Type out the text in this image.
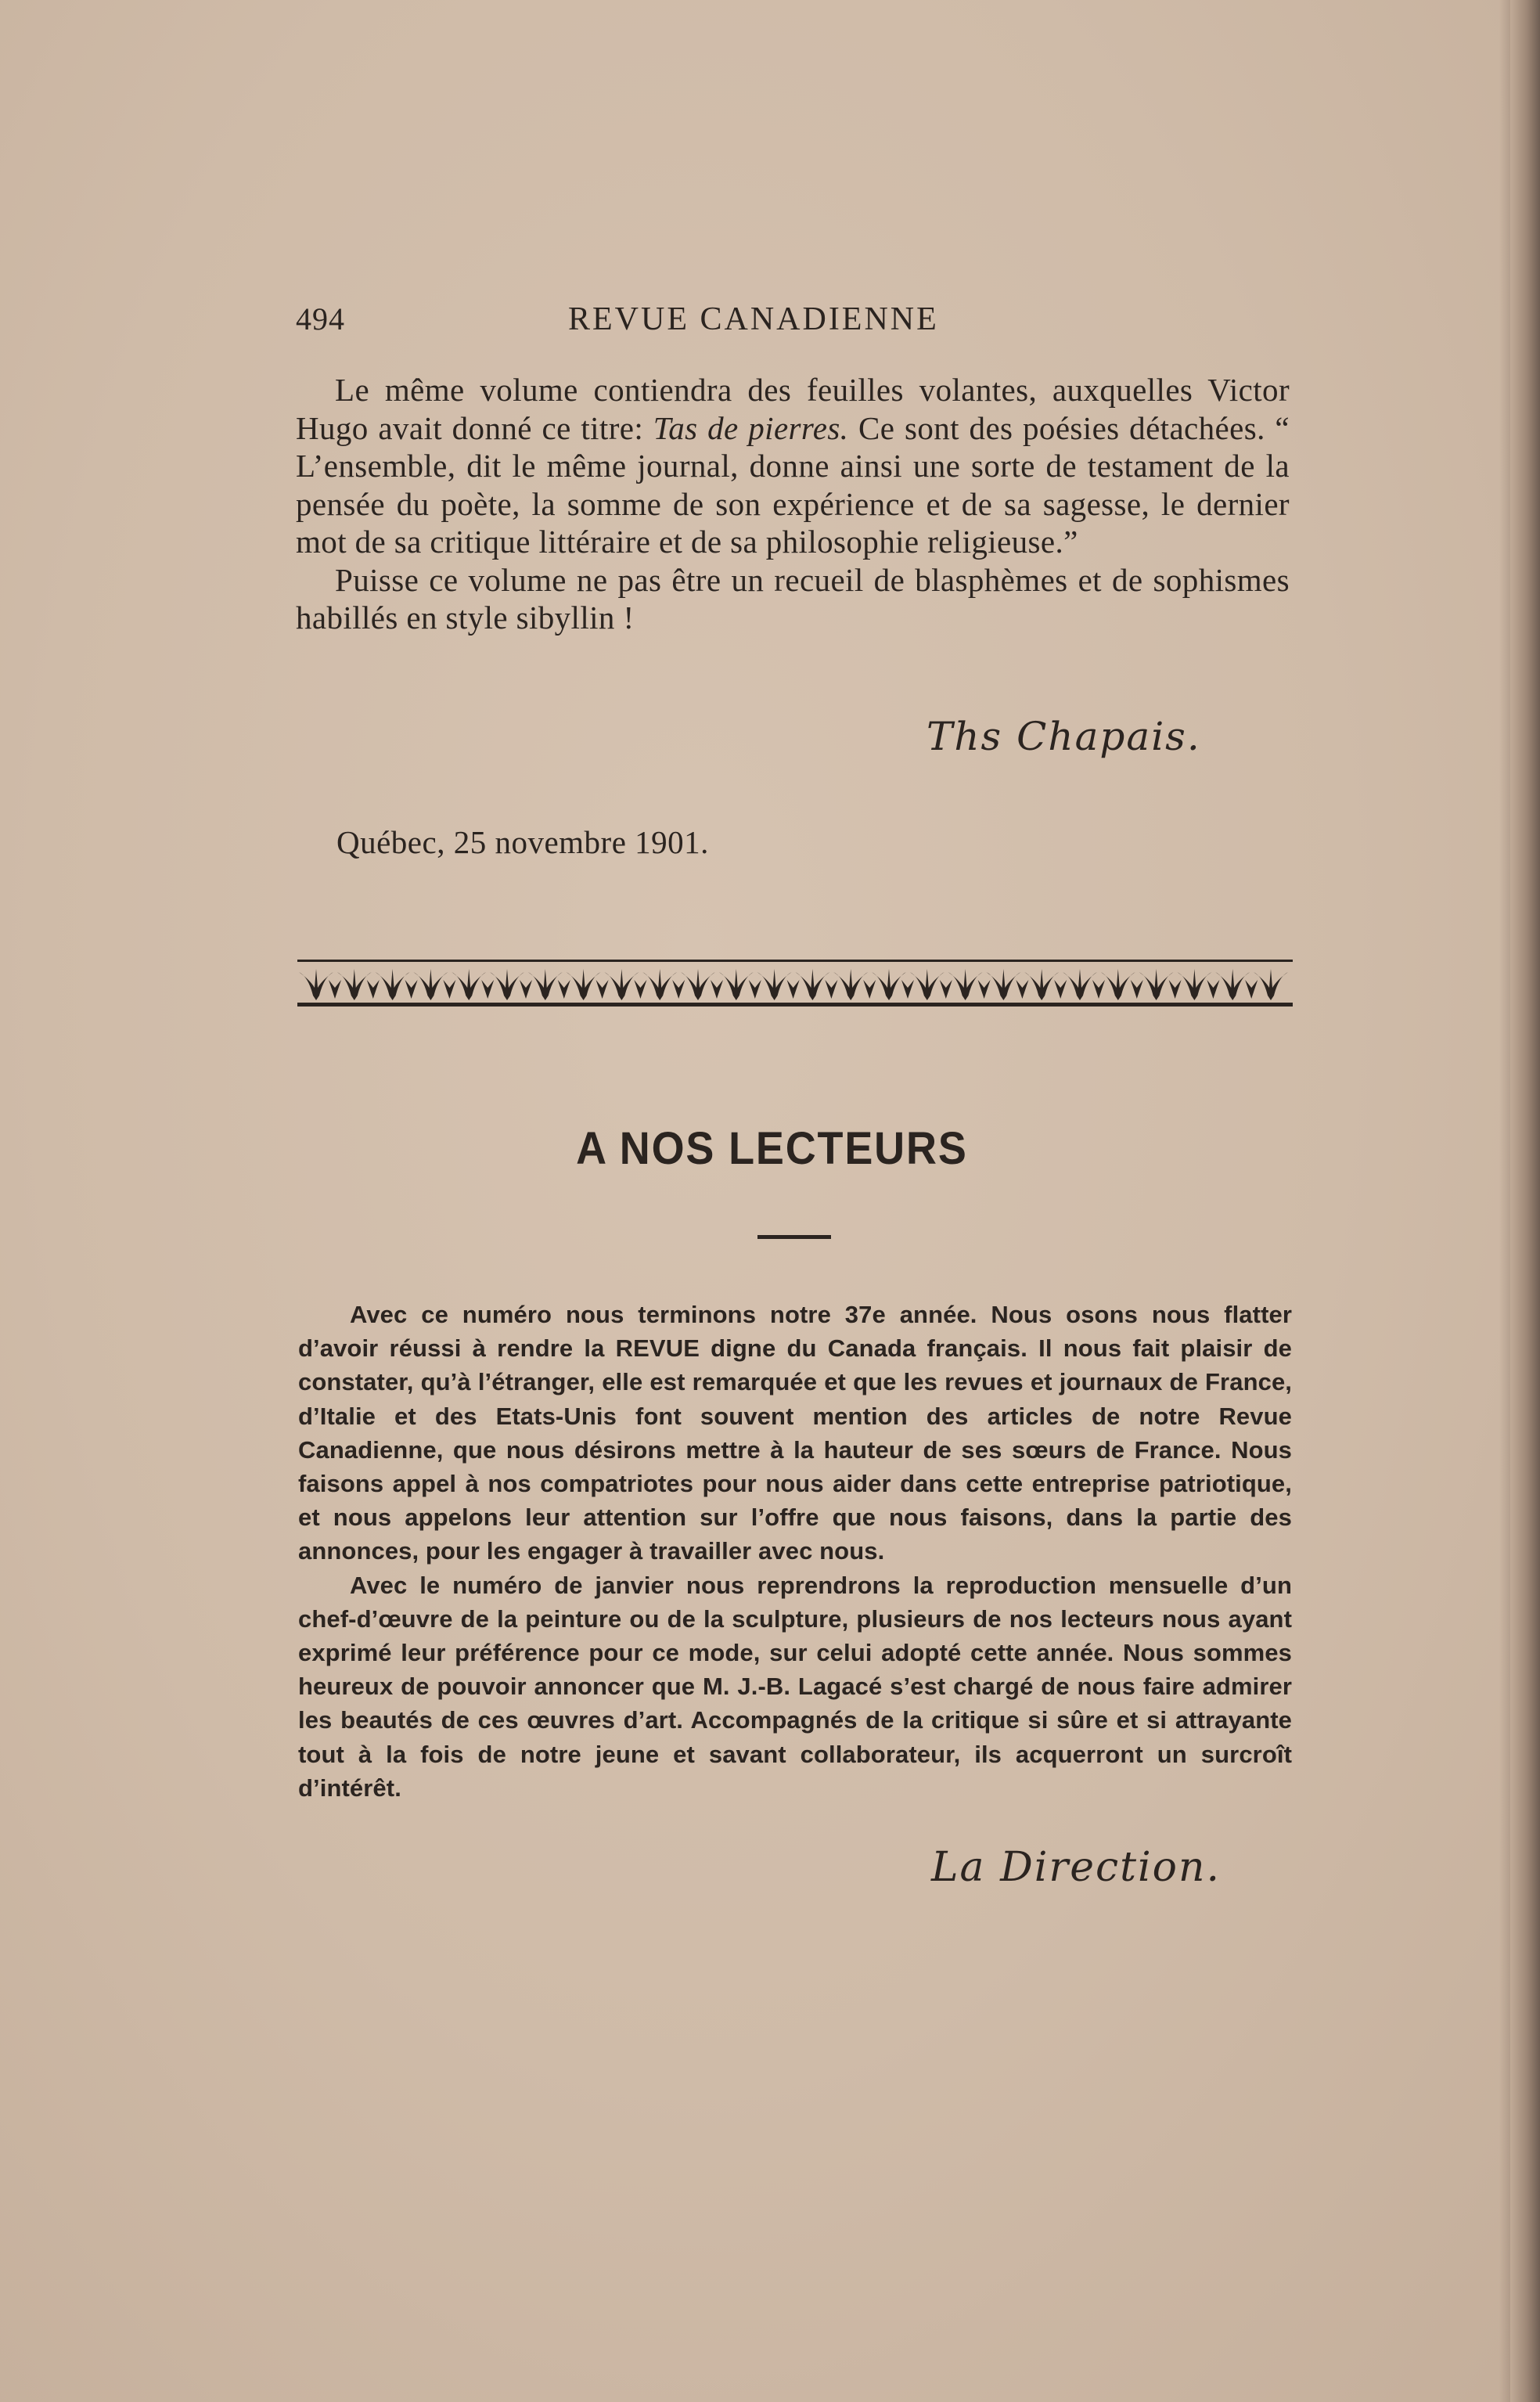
494	REVUE CANADIENNE

Le même volume contiendra des feuilles volantes, auxquelles Victor Hugo avait donné ce titre: Tas de pierres. Ce sont des poésies détachées. “ L’ensemble, dit le même journal, donne ainsi une sorte de testament de la pensée du poète, la somme de son expérience et de sa sagesse, le dernier mot de sa critique littéraire et de sa philosophie religieuse.”

Puisse ce volume ne pas être un recueil de blasphèmes et de sophismes habillés en style sibyllin !

Ths Chapais.
Québec, 25 novembre 1901.
A NOS LECTEURS

Avec ce numéro nous terminons notre 37e année. Nous osons nous flatter d’avoir réussi à rendre la REVUE digne du Canada français. Il nous fait plaisir de constater, qu’à l’étranger, elle est remarquée et que les revues et journaux de France, d’Italie et des Etats-Unis font souvent mention des articles de notre Revue Canadienne, que nous désirons mettre à la hauteur de ses sœurs de France. Nous faisons appel à nos compatriotes pour nous aider dans cette entreprise patriotique, et nous appelons leur attention sur l’offre que nous faisons, dans la partie des annonces, pour les engager à travailler avec nous.

Avec le numéro de janvier nous reprendrons la reproduction mensuelle d’un chef-d’œuvre de la peinture ou de la sculpture, plusieurs de nos lecteurs nous ayant exprimé leur préférence pour ce mode, sur celui adopté cette année. Nous sommes heureux de pouvoir annoncer que M. J.-B. Lagacé s’est chargé de nous faire admirer les beautés de ces œuvres d’art. Accompagnés de la critique si sûre et si attrayante tout à la fois de notre jeune et savant collaborateur, ils acquerront un surcroît d’intérêt.

La Direction.
